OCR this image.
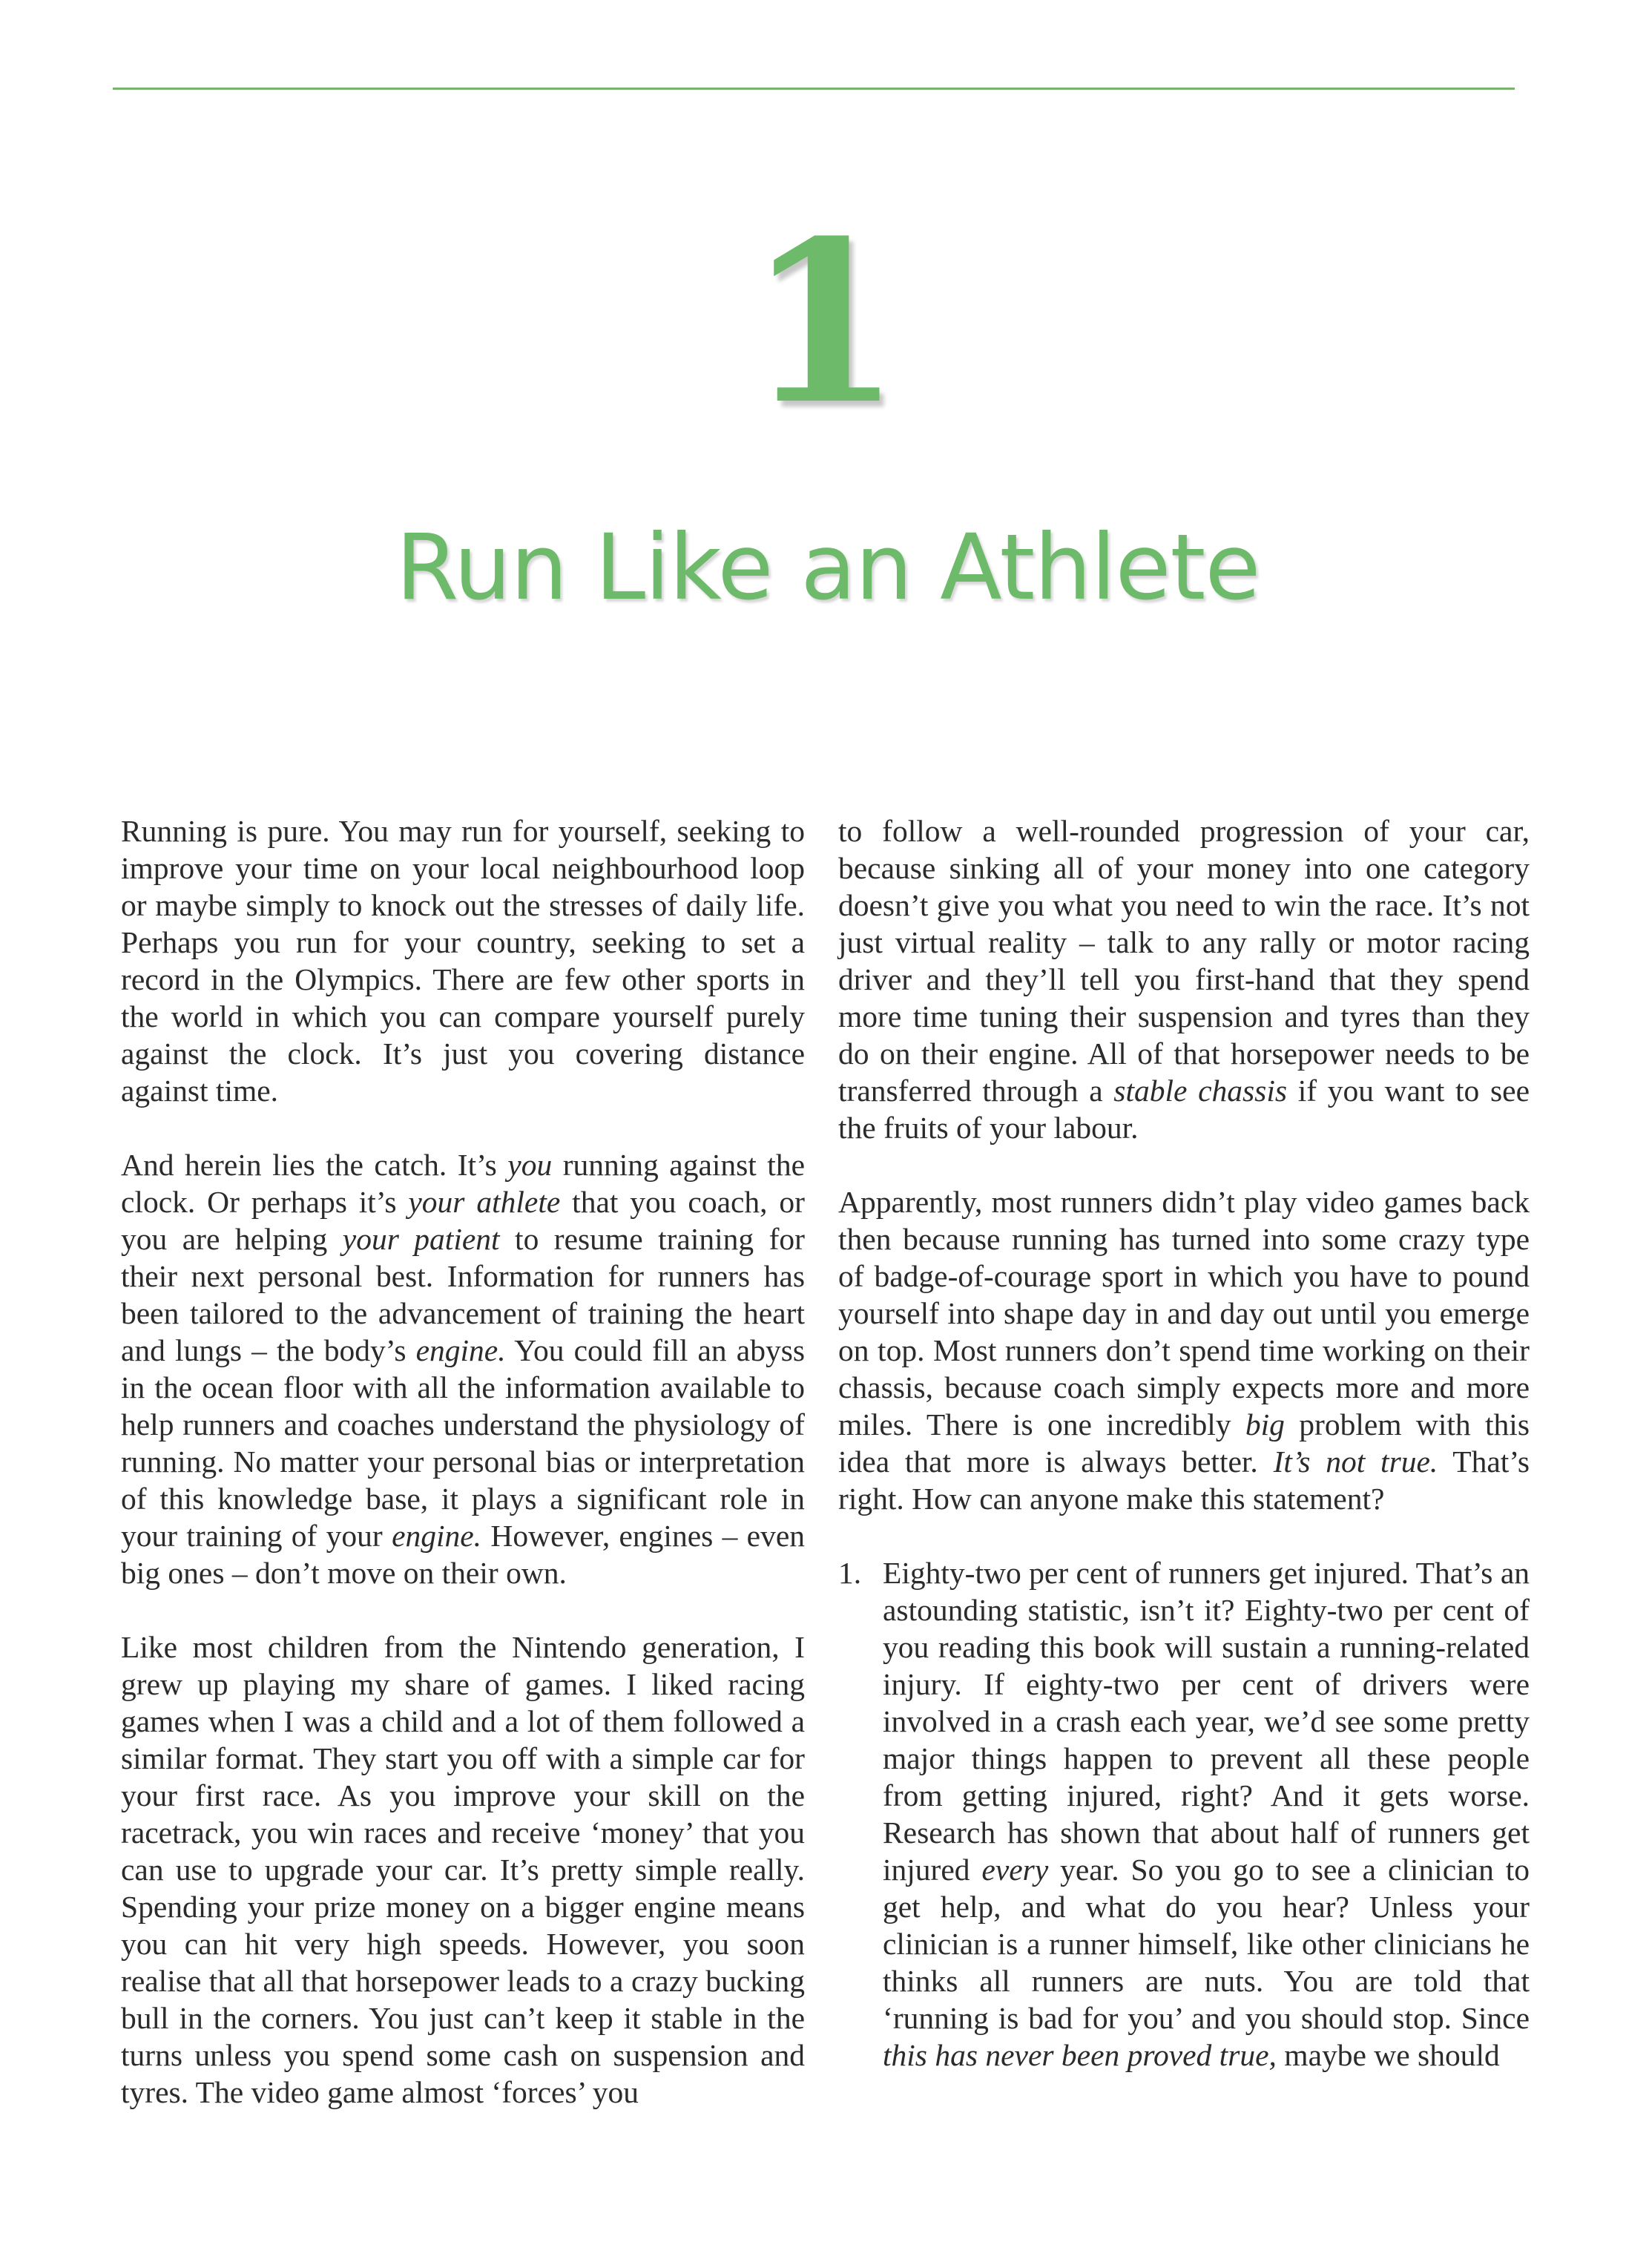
1
Run Like an Athlete

Running is pure. You may run for yourself, seeking to improve your time on your local neighbourhood loop or maybe simply to knock out the stresses of daily life. Perhaps you run for your country, seeking to set a record in the Olympics. There are few other sports in the world in which you can compare yourself purely against the clock. It’s just you covering distance against time.

And herein lies the catch. It’s you running against the clock. Or perhaps it’s your athlete that you coach, or you are helping your patient to resume training for their next personal best. Information for runners has been tailored to the advancement of training the heart and lungs – the body’s engine. You could fill an abyss in the ocean floor with all the information available to help runners and coaches understand the physiology of running. No matter your personal bias or interpretation of this knowledge base, it plays a significant role in your training of your engine. However, engines – even big ones – don’t move on their own.

Like most children from the Nintendo generation, I grew up playing my share of games. I liked racing games when I was a child and a lot of them followed a similar format. They start you off with a simple car for your first race. As you improve your skill on the racetrack, you win races and receive ‘money’ that you can use to upgrade your car. It’s pretty simple really. Spending your prize money on a bigger engine means you can hit very high speeds. However, you soon realise that all that horsepower leads to a crazy bucking bull in the corners. You just can’t keep it stable in the turns unless you spend some cash on suspension and tyres. The video game almost ‘forces’ you

to follow a well-rounded progression of your car, because sinking all of your money into one category doesn’t give you what you need to win the race. It’s not just virtual reality – talk to any rally or motor racing driver and they’ll tell you first-hand that they spend more time tuning their suspension and tyres than they do on their engine. All of that horsepower needs to be transferred through a stable chassis if you want to see the fruits of your labour.

Apparently, most runners didn’t play video games back then because running has turned into some crazy type of badge-of-courage sport in which you have to pound yourself into shape day in and day out until you emerge on top. Most runners don’t spend time working on their chassis, because coach simply expects more and more miles. There is one incredibly big problem with this idea that more is always better. It’s not true. That’s right. How can anyone make this statement?

1. Eighty-two per cent of runners get injured. That’s an astounding statistic, isn’t it? Eighty-two per cent of you reading this book will sustain a running-related injury. If eighty-two per cent of drivers were involved in a crash each year, we’d see some pretty major things happen to prevent all these people from getting injured, right? And it gets worse. Research has shown that about half of runners get injured every year. So you go to see a clinician to get help, and what do you hear? Unless your clinician is a runner himself, like other clinicians he thinks all runners are nuts. You are told that ‘running is bad for you’ and you should stop. Since this has never been proved true, maybe we should
